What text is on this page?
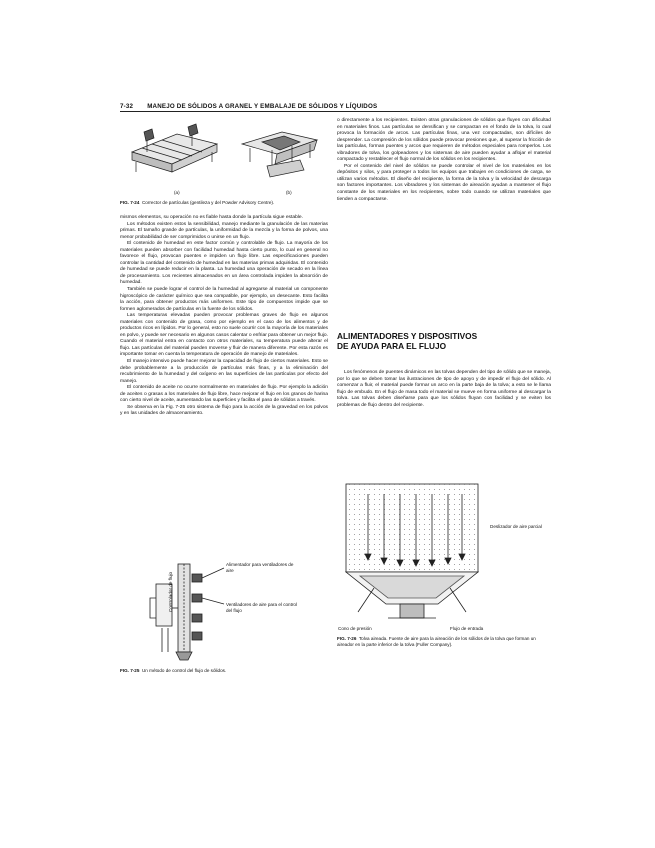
7-32 MANEJO DE SÓLIDOS A GRANEL Y EMBALAJE DE SÓLIDOS Y LÍQUIDOS
(a)	(b)
FIG. 7-24 Corrector de partículas (gentileza y del Powder Advisory Centre).

mismos elementos, su operación no es fiable hasta donde la partícula sigue estable.

Los métodos existen estos la sensibilidad, manejo mediante la granulación de las materias primas. El tamaño grande de partículas, la uniformidad de la mezcla y la forma de polvos, una menor probabilidad de ser comprimidos o unirse en un flujo.

El contenido de humedad en este factor común y controlable de flujo. La mayoría de los materiales pueden absorber con facilidad humedad hasta cierto punto, lo cual en general no favorece el flujo, provocan puentes e impiden un flujo libre. Las especificaciones pueden controlar la cantidad del contenido de humedad en las materias primas adquiridas. El contenido de humedad se puede reducir en la planta. La humedad una operación de secado en la línea de procesamiento. Los recientes almacenados en un área controlada impiden la absorción de humedad.

También se puede lograr el control de la humedad al agregarse al material un componente higroscópico de carácter químico que sea compatible, por ejemplo, un desecante. Esto facilita la acción, para obtener productos más uniformes. Este tipo de compuestos impide que se formen aglomerados de partículas en la fuente de los sólidos.

Las temperaturas elevadas pueden provocar problemas graves de flujo en algunos materiales con contenido de grasa, como por ejemplo en el caso de los alimentos y de productos ricos en lípidos. Por lo general, esto no suele ocurrir con la mayoría de los materiales en polvo, y puede ser necesario en algunos casos calentar o enfriar para obtener un mejor flujo. Cuando el material entra en contacto con otros materiales, su temperatura puede alterar el flujo. Las partículas del material pueden moverse y fluir de manera diferente. Por esta razón es importante tomar en cuenta la temperatura de operación de manejo de materiales.

El manejo intensivo puede hacer mejorar la capacidad de flujo de ciertos materiales. Esto se debe probablemente a la producción de partículas más finas, y a la eliminación del recubrimiento de la humedad y del oxígeno en las superficies de las partículas por efecto del manejo.

El contenido de aceite no ocurre normalmente en materiales de flujo. Por ejemplo la adición de aceites o grasas a los materiales de flujo libre, hace mejorar el flujo en los granos de harina con cierto nivel de aceite, aumentando las superficies y facilita el paso de sólidos a través.

Se observa en la Fig. 7-25 otro sistema de flujo para la acción de la gravedad en los polvos y en las unidades de almacenamiento.

Alimentador para ventiladores de aire
Ventiladores de aire para el control del flujo
Controlador de flujo
FIG. 7-25 Un método de control del flujo de sólidos.

o directamente a los recipientes. Existen otras granulaciones de sólidos que fluyen con dificultad en materiales finos. Las partículas se densifican y se compactan en el fondo de la tolva, lo cual provoca la formación de arcos. Las partículas finas, una vez compactadas, son difíciles de desprender. La compresión de los sólidos puede provocar presiones que, al superar la fricción de las partículas, forman puentes y arcos que requieren de métodos especiales para romperlos. Los vibradores de tolva, los golpeadores y los sistemas de aire pueden ayudar a aflojar el material compactado y restablecer el flujo normal de los sólidos en los recipientes.

Por el contenido del nivel de sólidos se puede controlar el nivel de los materiales en los depósitos y silos, y para proteger a todos los equipos que trabajen en condiciones de carga, se utilizan varios métodos. El diseño del recipiente, la forma de la tolva y la velocidad de descarga son factores importantes. Los vibradores y los sistemas de aireación ayudan a mantener el flujo constante de los materiales en los recipientes, sobre todo cuando se utilizan materiales que tienden a compactarse.

ALIMENTADORES Y DISPOSITIVOS
DE AYUDA PARA EL FLUJO

Los fenómenos de puentes dinámicos en las tolvas dependen del tipo de sólido que se maneja, por lo que se deben tomar las ilustraciones de tipo de apoyo y de impedir el flujo del sólido. Al comenzar a fluir, el material puede formar un arco en la parte baja de la tolva; a esto se le llama flujo de embudo. En el flujo de masa todo el material se mueve en forma uniforme al descargar la tolva. Las tolvas deben diseñarse para que los sólidos fluyan con facilidad y se eviten los problemas de flujo dentro del recipiente.

Deslizador de aire parcial
Cono de presión	Flujo de entrada
FIG. 7-26 Tolva aireada. Fuente de aire para la aireación de los sólidos de la tolva que forman un aireador en la parte inferior de la tolva (Fuller Company).
